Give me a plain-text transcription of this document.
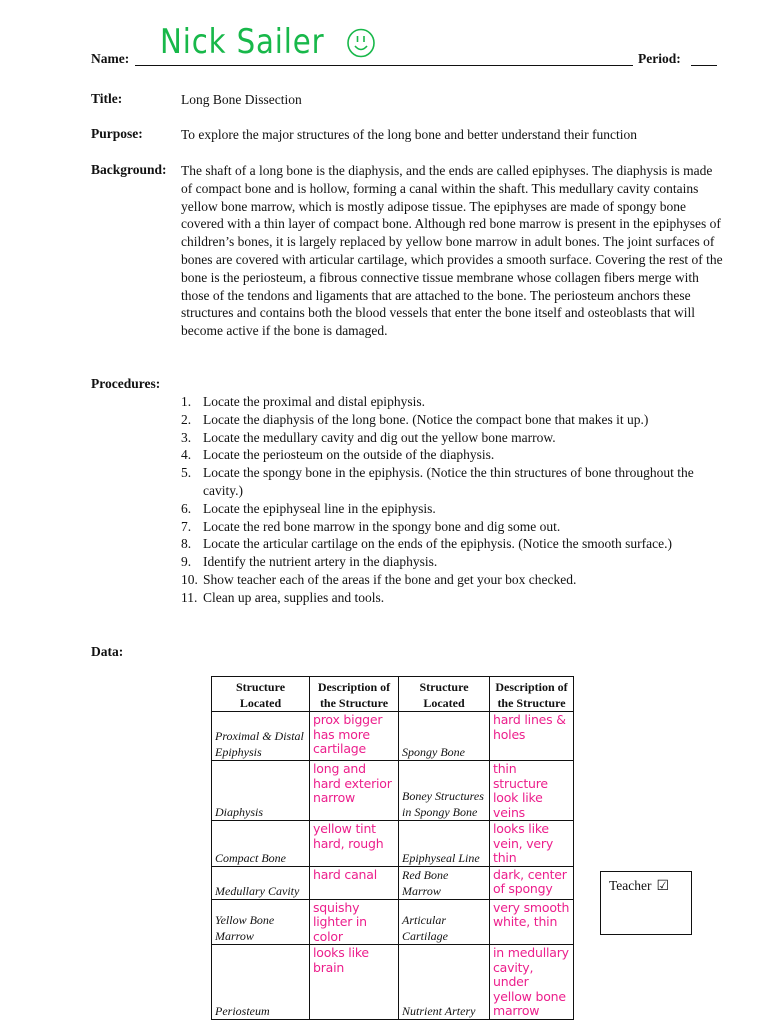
Name: Nick Sailer	Period:
Title:	Long Bone Dissection
Purpose:	To explore the major structures of the long bone and better understand their function
Background: The shaft of a long bone is the diaphysis, and the ends are called epiphyses. The diaphysis is made of compact bone and is hollow, forming a canal within the shaft. This medullary cavity contains yellow bone marrow, which is mostly adipose tissue. The epiphyses are made of spongy bone covered with a thin layer of compact bone. Although red bone marrow is present in the epiphyses of children’s bones, it is largely replaced by yellow bone marrow in adult bones. The joint surfaces of bones are covered with articular cartilage, which provides a smooth surface. Covering the rest of the bone is the periosteum, a fibrous connective tissue membrane whose collagen fibers merge with those of the tendons and ligaments that are attached to the bone. The periosteum anchors these structures and contains both the blood vessels that enter the bone itself and osteoblasts that will become active if the bone is damaged.
Procedures:
1. Locate the proximal and distal epiphysis.
2. Locate the diaphysis of the long bone. (Notice the compact bone that makes it up.)
3. Locate the medullary cavity and dig out the yellow bone marrow.
4. Locate the periosteum on the outside of the diaphysis.
5. Locate the spongy bone in the epiphysis. (Notice the thin structures of bone throughout the cavity.)
6. Locate the epiphyseal line in the epiphysis.
7. Locate the red bone marrow in the spongy bone and dig some out.
8. Locate the articular cartilage on the ends of the epiphysis. (Notice the smooth surface.)
9. Identify the nutrient artery in the diaphysis.
10. Show teacher each of the areas if the bone and get your box checked.
11. Clean up area, supplies and tools.
Data:
Structure Located	Description of the Structure	Structure Located	Description of the Structure
Proximal & Distal Epiphysis	prox bigger has more cartilage	Spongy Bone	hard lines & holes
Diaphysis	long and hard exterior narrow	Boney Structures in Spongy Bone	thin structure look like veins
Compact Bone	yellow tint hard, rough	Epiphyseal Line	looks like vein, very thin
Medullary Cavity	hard canal	Red Bone Marrow	dark, center of spongy
Yellow Bone Marrow	squishy lighter in color	Articular Cartilage	very smooth white, thin
Periosteum	looks like brain	Nutrient Artery	in medullary cavity, under yellow bone marrow
Teacher ☑
